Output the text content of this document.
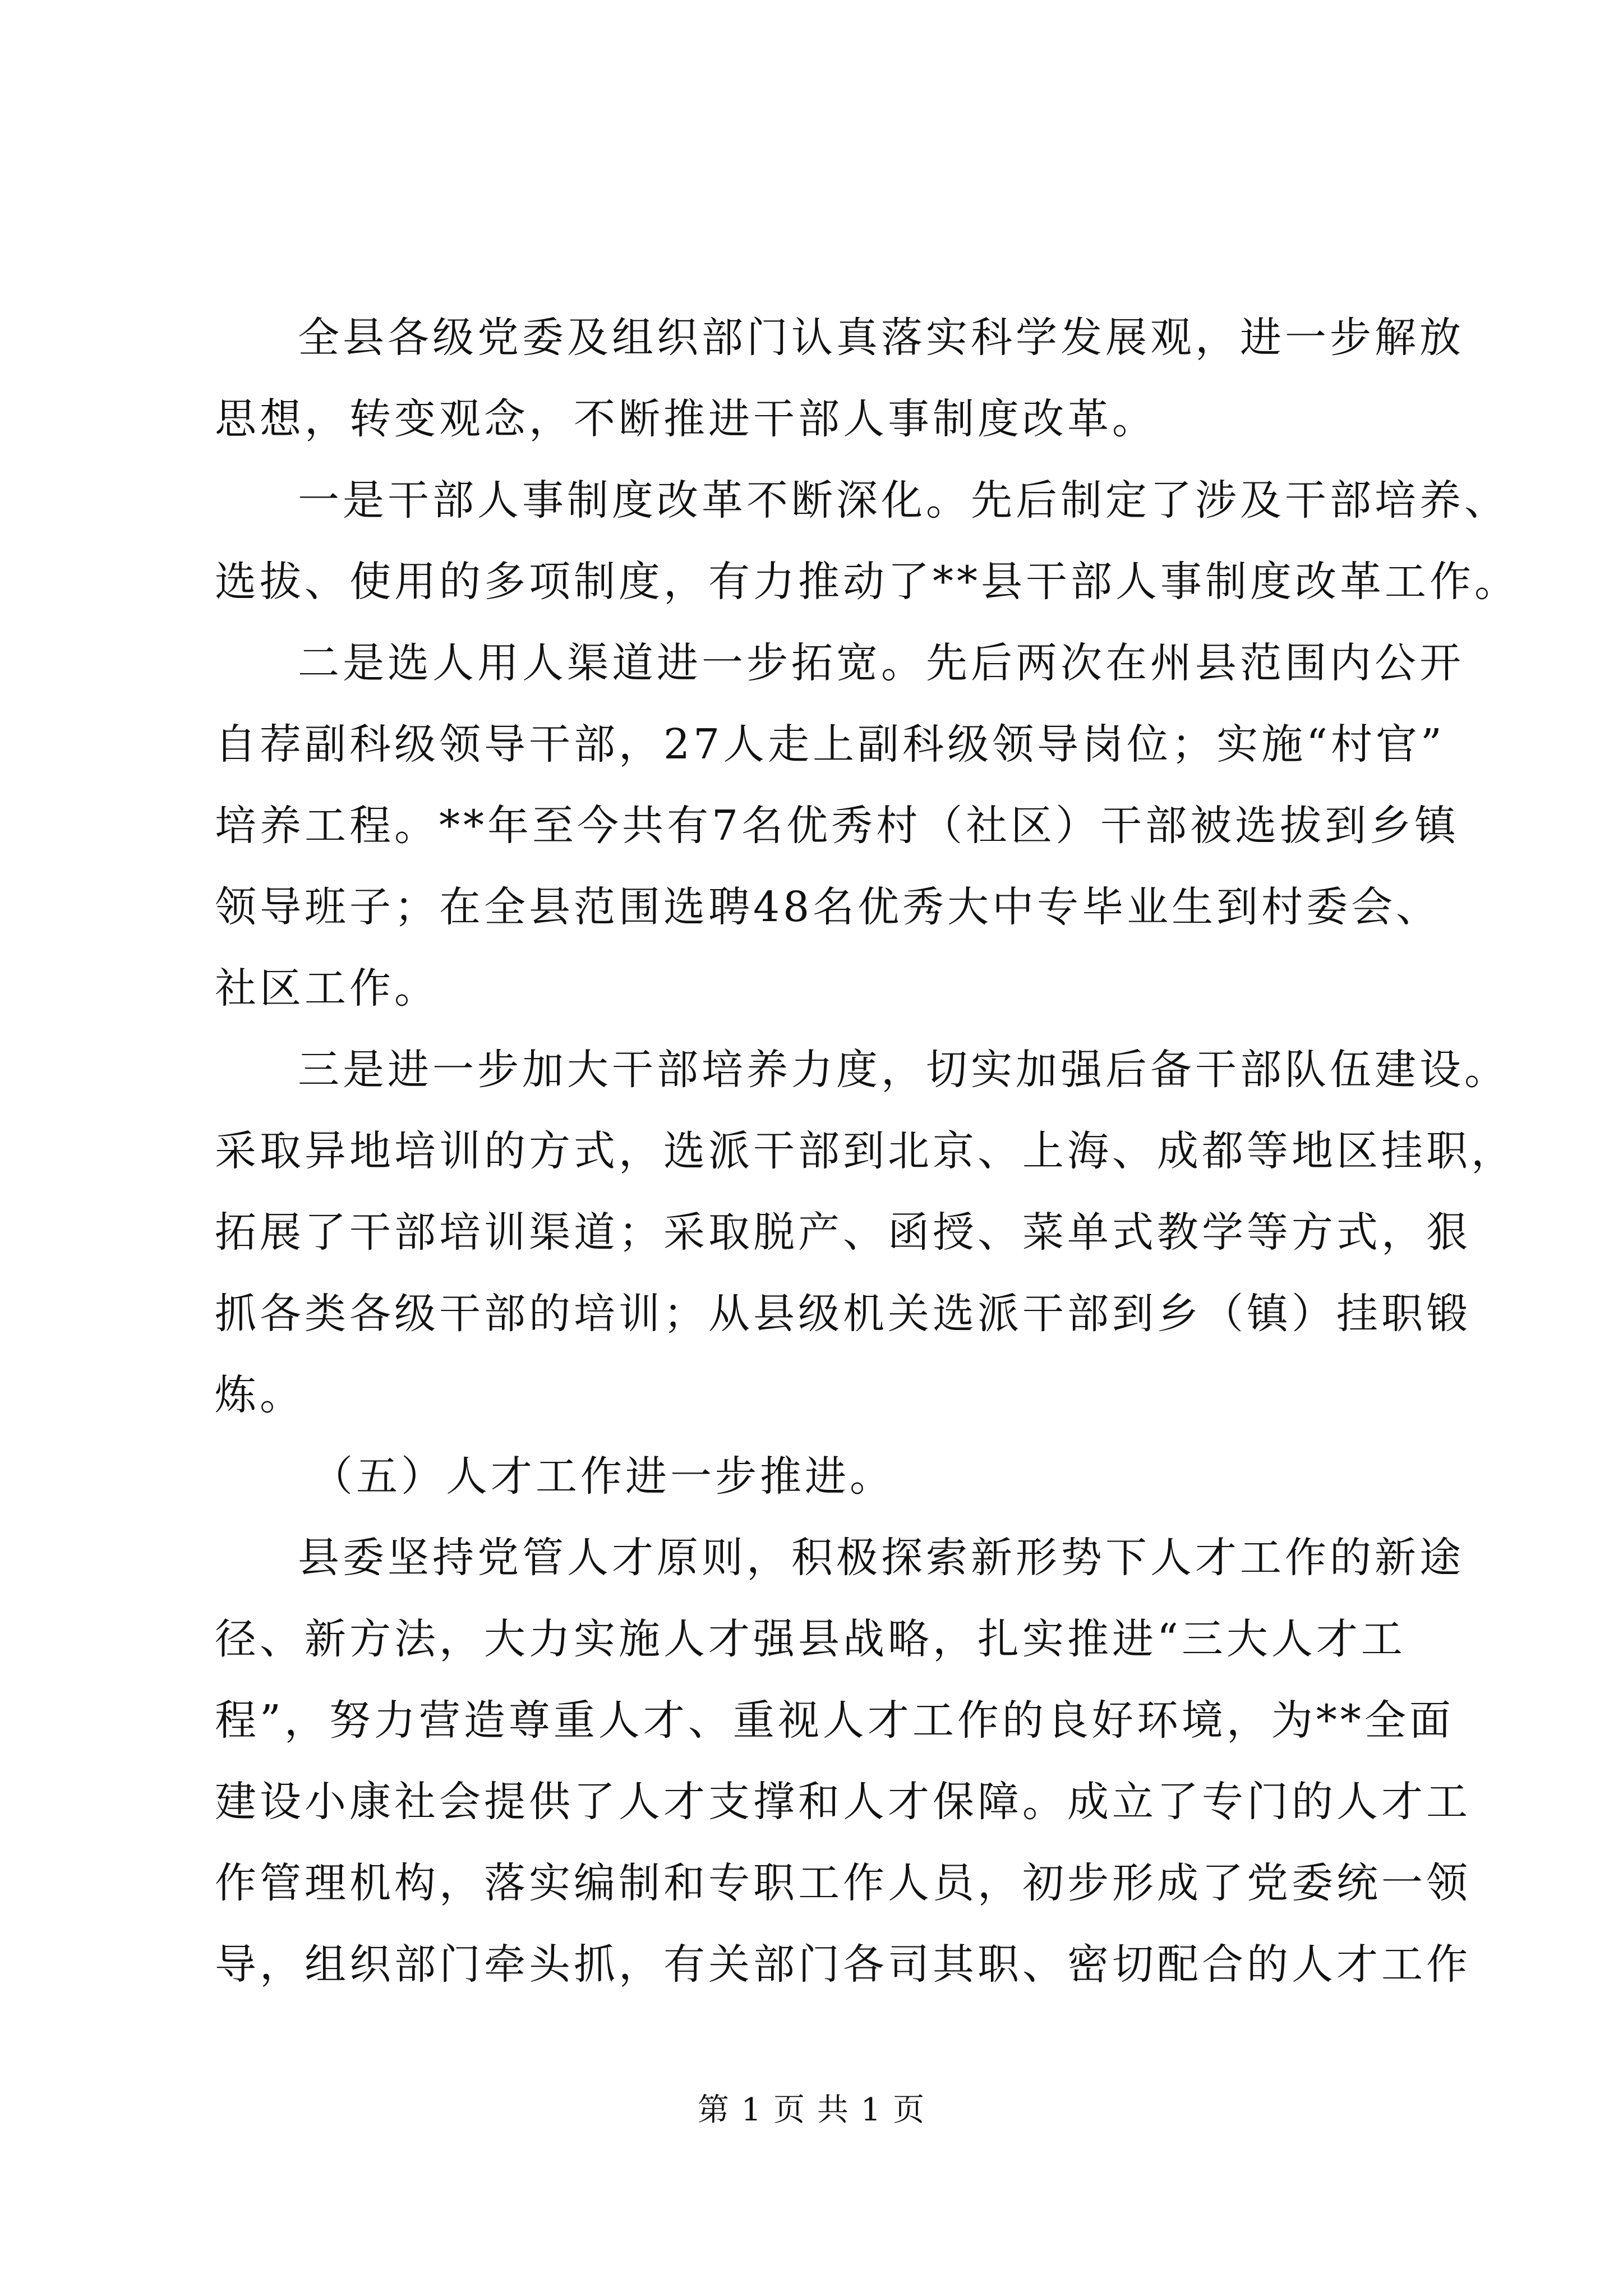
全县各级党委及组织部门认真落实科学发展观，进一步解放
思想，转变观念，不断推进干部人事制度改革。
一是干部人事制度改革不断深化。先后制定了涉及干部培养、
选拔、使用的多项制度，有力推动了**县干部人事制度改革工作。
二是选人用人渠道进一步拓宽。先后两次在州县范围内公开
自荐副科级领导干部，27人走上副科级领导岗位；实施“村官”
培养工程。**年至今共有7名优秀村（社区）干部被选拔到乡镇
领导班子；在全县范围选聘48名优秀大中专毕业生到村委会、
社区工作。
三是进一步加大干部培养力度，切实加强后备干部队伍建设。
采取异地培训的方式，选派干部到北京、上海、成都等地区挂职，
拓展了干部培训渠道；采取脱产、函授、菜单式教学等方式，狠
抓各类各级干部的培训；从县级机关选派干部到乡（镇）挂职锻
炼。
（五）人才工作进一步推进。
县委坚持党管人才原则，积极探索新形势下人才工作的新途
径、新方法，大力实施人才强县战略，扎实推进“三大人才工
程”，努力营造尊重人才、重视人才工作的良好环境，为**全面
建设小康社会提供了人才支撑和人才保障。成立了专门的人才工
作管理机构，落实编制和专职工作人员，初步形成了党委统一领
导，组织部门牵头抓，有关部门各司其职、密切配合的人才工作
第 1 页 共 1 页
